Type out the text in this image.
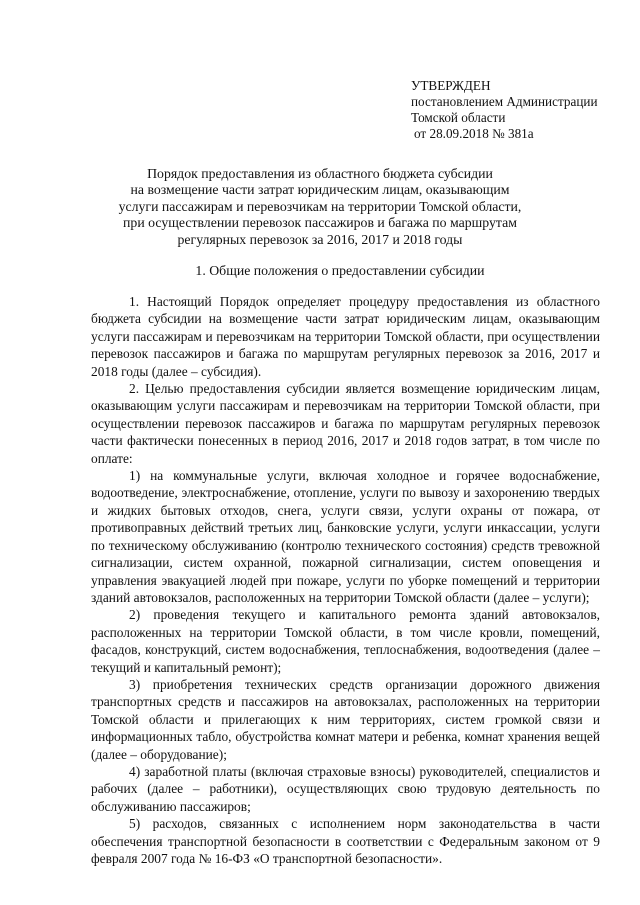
УТВЕРЖДЕН
постановлением Администрации
Томской области
от 28.09.2018 № 381а
Порядок предоставления из областного бюджета субсидии
на возмещение части затрат юридическим лицам, оказывающим
услуги пассажирам и перевозчикам на территории Томской области,
при осуществлении перевозок пассажиров и багажа по маршрутам
регулярных перевозок за 2016, 2017 и 2018 годы
1. Общие положения о предоставлении субсидии

1. Настоящий Порядок определяет процедуру предоставления из областного бюджета субсидии на возмещение части затрат юридическим лицам, оказывающим услуги пассажирам и перевозчикам на территории Томской области, при осуществлении перевозок пассажиров и багажа по маршрутам регулярных перевозок за 2016, 2017 и 2018 годы (далее – субсидия).

2. Целью предоставления субсидии является возмещение юридическим лицам, оказывающим услуги пассажирам и перевозчикам на территории Томской области, при осуществлении перевозок пассажиров и багажа по маршрутам регулярных перевозок части фактически понесенных в период 2016, 2017 и 2018 годов затрат, в том числе по оплате:

1) на коммунальные услуги, включая холодное и горячее водоснабжение, водоотведение, электроснабжение, отопление, услуги по вывозу и захоронению твердых и жидких бытовых отходов, снега, услуги связи, услуги охраны от пожара, от противоправных действий третьих лиц, банковские услуги, услуги инкассации, услуги по техническому обслуживанию (контролю технического состояния) средств тревожной сигнализации, систем охранной, пожарной сигнализации, систем оповещения и управления эвакуацией людей при пожаре, услуги по уборке помещений и территории зданий автовокзалов, расположенных на территории Томской области (далее – услуги);

2) проведения текущего и капитального ремонта зданий автовокзалов, расположенных на территории Томской области, в том числе кровли, помещений, фасадов, конструкций, систем водоснабжения, теплоснабжения, водоотведения (далее – текущий и капитальный ремонт);

3) приобретения технических средств организации дорожного движения транспортных средств и пассажиров на автовокзалах, расположенных на территории Томской области и прилегающих к ним территориях, систем громкой связи и информационных табло, обустройства комнат матери и ребенка, комнат хранения вещей (далее – оборудование);

4) заработной платы (включая страховые взносы) руководителей, специалистов и рабочих (далее – работники), осуществляющих свою трудовую деятельность по обслуживанию пассажиров;

5) расходов, связанных с исполнением норм законодательства в части обеспечения транспортной безопасности в соответствии с Федеральным законом от 9 февраля 2007 года № 16-ФЗ «О транспортной безопасности».
